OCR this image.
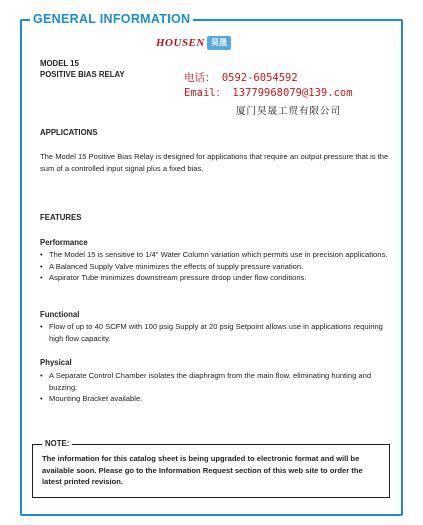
GENERAL INFORMATION
MODEL 15
POSITIVE BIAS RELAY
HOUSEN 昊晟
电话： 0592-6054592
Email： 13779968079@139.com
厦门昊晟工贸有限公司
APPLICATIONS
The Model 15 Positive Bias Relay is designed for applications that require an output pressure that is the sum of a controlled input signal plus a fixed bias.
FEATURES
Performance
• The Model 15 is sensitive to 1/4" Water Column variation which permits use in precision applications.
• A Balanced Supply Valve minimizes the effects of supply pressure variation.
• Aspirator Tube minimizes downstream pressure droop under flow conditions.
Functional
• Flow of up to 40 SCFM with 100 psig Supply at 20 psig Setpoint allows use in applications requiring high flow capacity.
Physical
• A Separate Control Chamber isolates the diaphragm from the main flow, eliminating hunting and buzzing.
• Mounting Bracket available.
NOTE:
The information for this catalog sheet is being upgraded to electronic format and will be available soon. Please go to the Information Request section of this web site to order the latest printed revision.
